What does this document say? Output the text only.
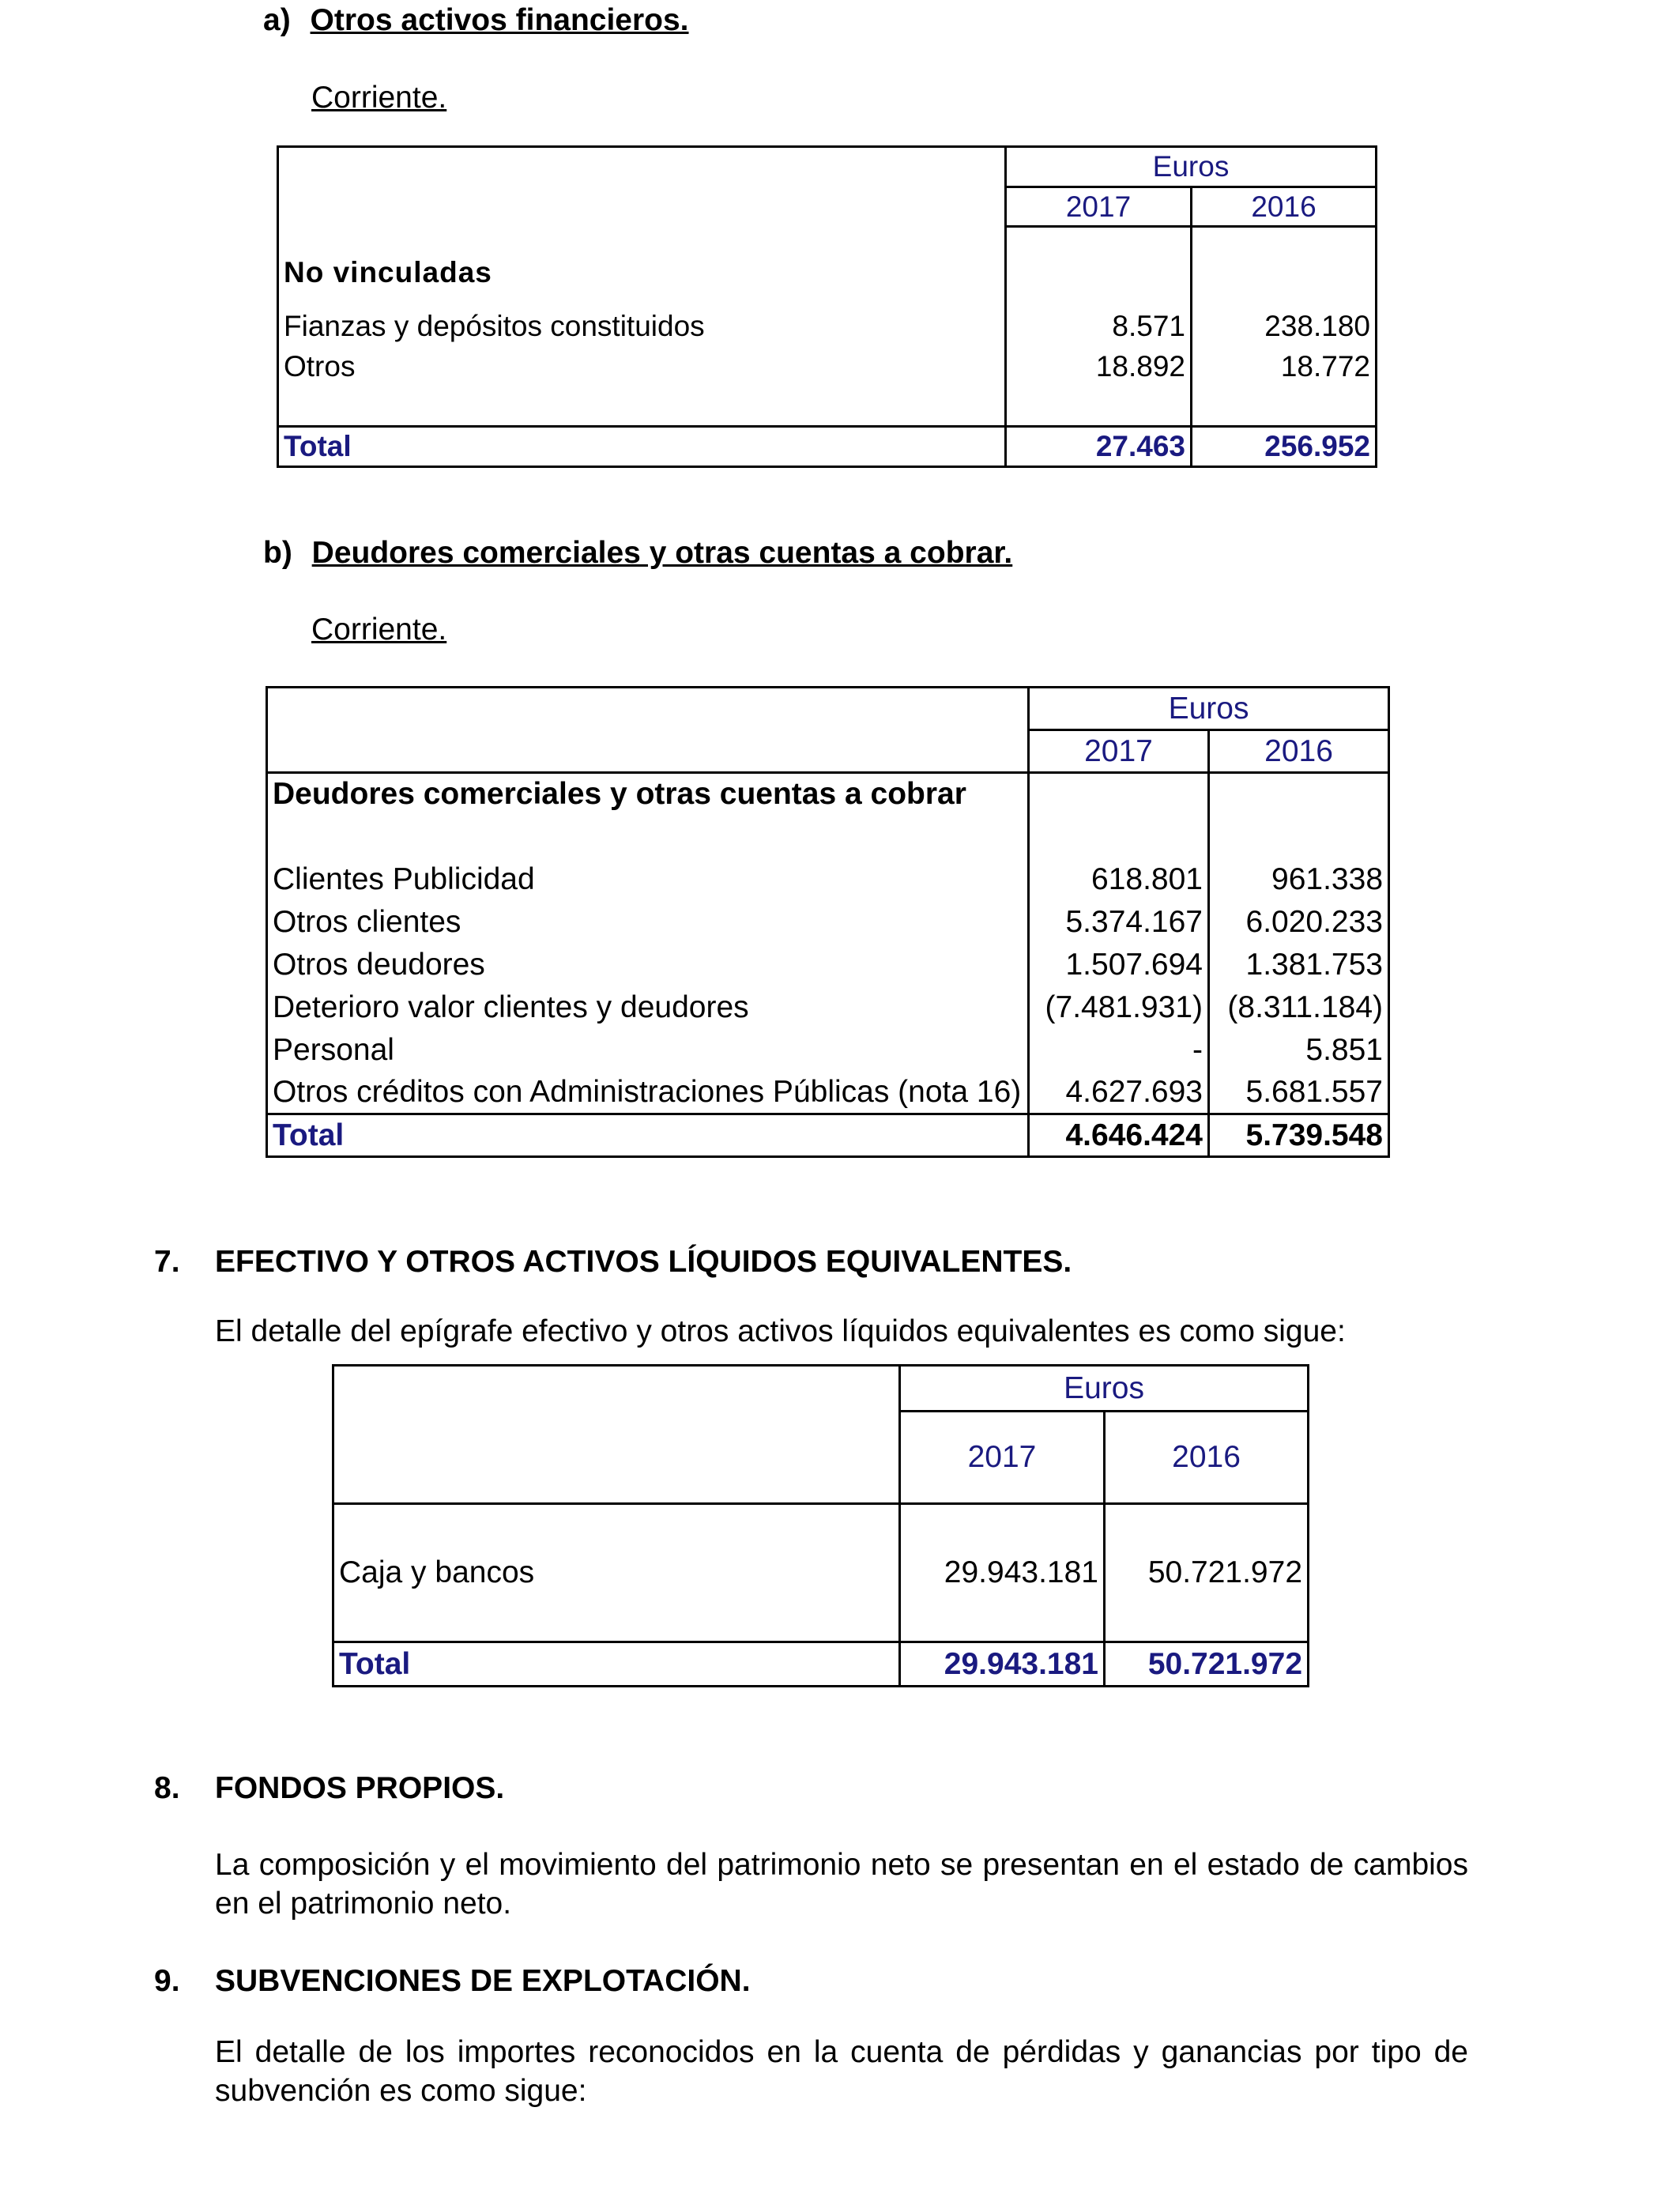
a) Otros activos financieros.
Corriente.
	Euros	
	2017	2016
No vinculadas		
Fianzas y depósitos constituidos	8.571	238.180
Otros	18.892	18.772

Total	27.463	256.952
b) Deudores comerciales y otras cuentas a cobrar.
Corriente.
	Euros	
	2017	2016
Deudores comerciales y otras cuentas a cobrar		

Clientes Publicidad	618.801	961.338
Otros clientes	5.374.167	6.020.233
Otros deudores	1.507.694	1.381.753
Deterioro valor clientes y deudores	(7.481.931)	(8.311.184)
Personal	-	5.851
Otros créditos con Administraciones Públicas (nota 16)	4.627.693	5.681.557
Total	4.646.424	5.739.548
7. EFECTIVO Y OTROS ACTIVOS LÍQUIDOS EQUIVALENTES.
El detalle del epígrafe efectivo y otros activos líquidos equivalentes es como sigue:
	Euros	
	2017	2016
Caja y bancos	29.943.181	50.721.972
Total	29.943.181	50.721.972
8. FONDOS PROPIOS.
La composición y el movimiento del patrimonio neto se presentan en el estado de cambios en el patrimonio neto.
9. SUBVENCIONES DE EXPLOTACIÓN.
El detalle de los importes reconocidos en la cuenta de pérdidas y ganancias por tipo de subvención es como sigue:
